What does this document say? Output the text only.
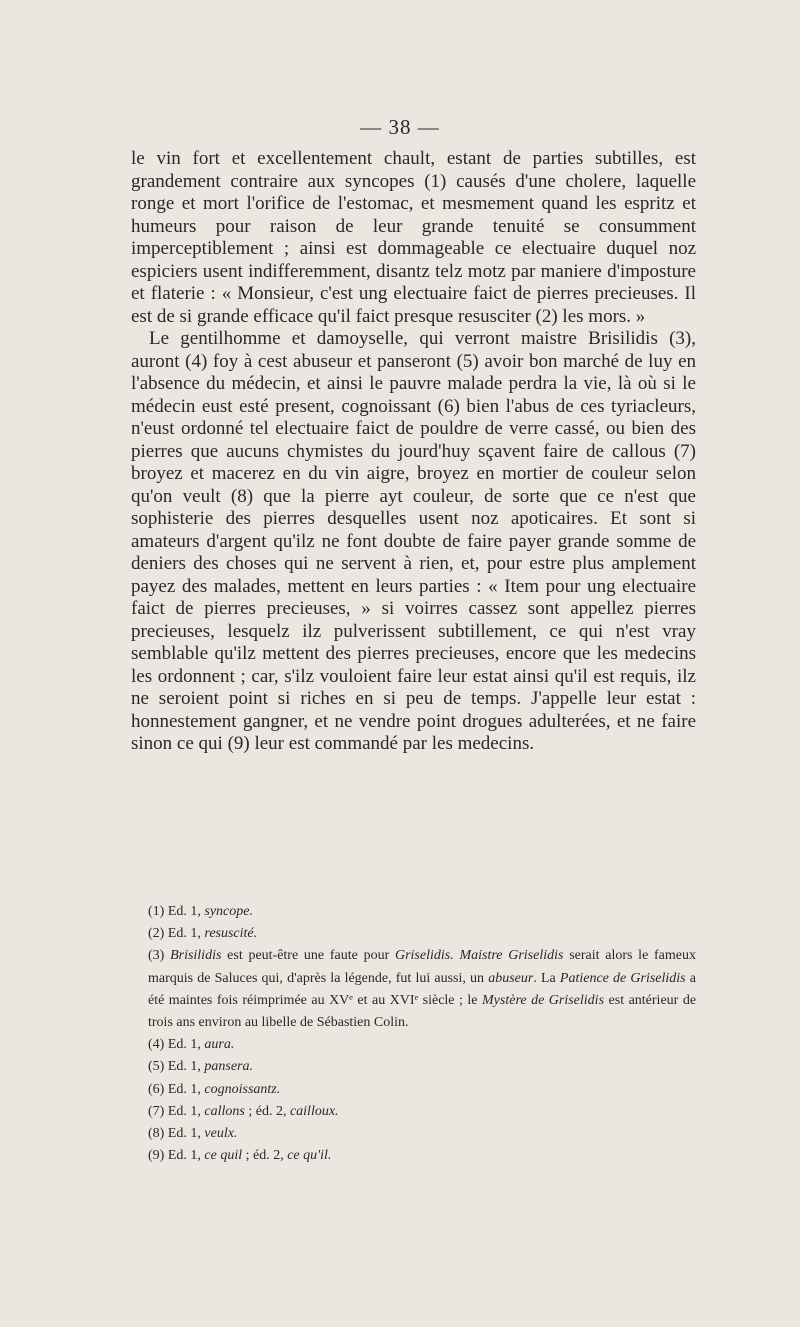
— 38 —

le vin fort et excellentement chault, estant de parties subtilles, est grandement contraire aux syncopes (1) causés d'une cholere, laquelle ronge et mort l'orifice de l'estomac, et mesmement quand les espritz et humeurs pour raison de leur grande tenuité se consumment imperceptiblement ; ainsi est dommageable ce electuaire duquel noz espiciers usent indifferemment, disantz telz motz par maniere d'imposture et flaterie : « Monsieur, c'est ung electuaire faict de pierres precieuses. Il est de si grande efficace qu'il faict presque resusciter (2) les mors. »

Le gentilhomme et damoyselle, qui verront maistre Brisilidis (3), auront (4) foy à cest abuseur et panseront (5) avoir bon marché de luy en l'absence du médecin, et ainsi le pauvre malade perdra la vie, là où si le médecin eust esté present, cognoissant (6) bien l'abus de ces tyriacleurs, n'eust ordonné tel electuaire faict de pouldre de verre cassé, ou bien des pierres que aucuns chymistes du jourd'huy sçavent faire de callous (7) broyez et macerez en du vin aigre, broyez en mortier de couleur selon qu'on veult (8) que la pierre ayt couleur, de sorte que ce n'est que sophisterie des pierres desquelles usent noz apoticaires. Et sont si amateurs d'argent qu'ilz ne font doubte de faire payer grande somme de deniers des choses qui ne servent à rien, et, pour estre plus amplement payez des malades, mettent en leurs parties : « Item pour ung electuaire faict de pierres precieuses, » si voirres cassez sont appellez pierres precieuses, lesquelz ilz pulverissent subtillement, ce qui n'est vray semblable qu'ilz mettent des pierres precieuses, encore que les medecins les ordonnent ; car, s'ilz vouloient faire leur estat ainsi qu'il est requis, ilz ne seroient point si riches en si peu de temps. J'appelle leur estat : honnestement gangner, et ne vendre point drogues adulterées, et ne faire sinon ce qui (9) leur est commandé par les medecins.

(1) Ed. 1, syncope.
(2) Ed. 1, resuscité.
(3) Brisilidis est peut-être une faute pour Griselidis. Maistre Griselidis serait alors le fameux marquis de Saluces qui, d'après la légende, fut lui aussi, un abuseur. La Patience de Griselidis a été maintes fois réimprimée au XVᵉ et au XVIᵉ siècle ; le Mystère de Griselidis est antérieur de trois ans environ au libelle de Sébastien Colin.
(4) Ed. 1, aura.
(5) Ed. 1, pansera.
(6) Ed. 1, cognoissantz.
(7) Ed. 1, callons ; éd. 2, cailloux.
(8) Ed. 1, veulx.
(9) Ed. 1, ce quil ; éd. 2, ce qu'il.
